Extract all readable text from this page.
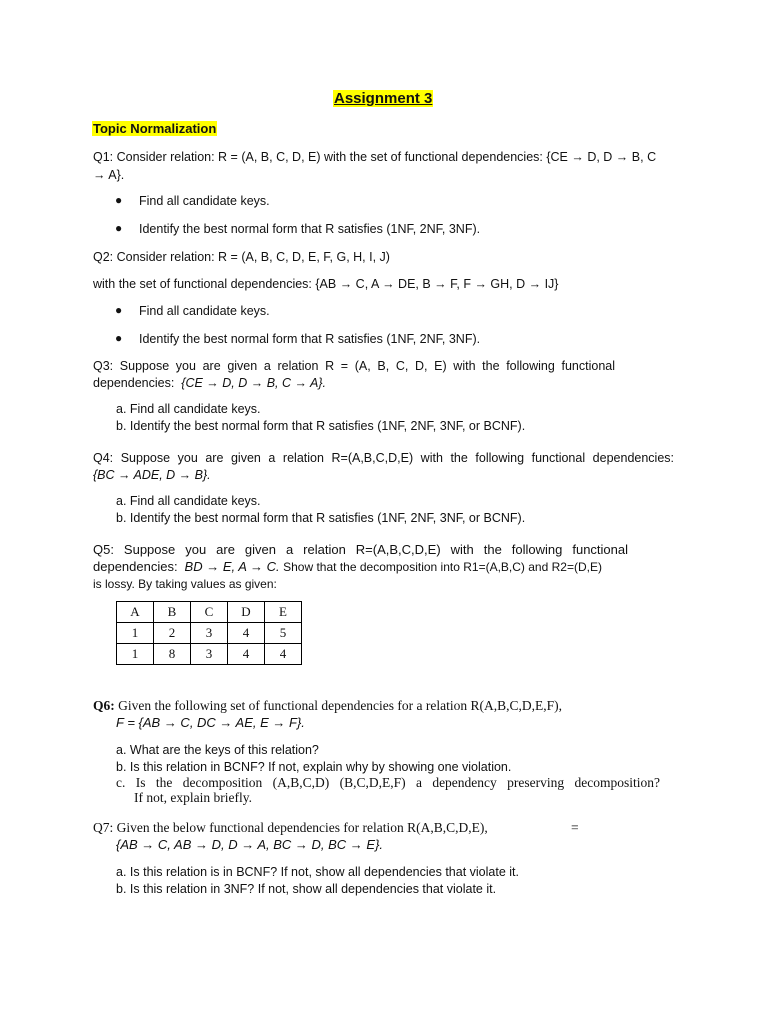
Assignment 3
Topic Normalization
Q1: Consider relation: R = (A, B, C, D, E) with the set of functional dependencies: {CE → D, D → B, C
→ A}.
● Find all candidate keys.
● Identify the best normal form that R satisfies (1NF, 2NF, 3NF).
Q2: Consider relation: R = (A, B, C, D, E, F, G, H, I, J)
with the set of functional dependencies: {AB → C, A → DE, B → F, F → GH, D → IJ}
● Find all candidate keys.
● Identify the best normal form that R satisfies (1NF, 2NF, 3NF).
Q3: Suppose you are given a relation R = (A, B, C, D, E) with the following functional
dependencies: {CE → D, D → B, C → A}.
a. Find all candidate keys.
b. Identify the best normal form that R satisfies (1NF, 2NF, 3NF, or BCNF).
Q4: Suppose you are given a relation R=(A,B,C,D,E) with the following functional dependencies:
{BC → ADE, D → B}.
a. Find all candidate keys.
b. Identify the best normal form that R satisfies (1NF, 2NF, 3NF, or BCNF).
Q5: Suppose you are given a relation R=(A,B,C,D,E) with the following functional
dependencies: BD → E, A → C. Show that the decomposition into R1=(A,B,C) and R2=(D,E)
is lossy. By taking values as given:
A	B	C	D	E
1	2	3	4	5
1	8	3	4	4
Q6: Given the following set of functional dependencies for a relation R(A,B,C,D,E,F),
F = {AB → C, DC → AE, E → F}.
a. What are the keys of this relation?
b. Is this relation in BCNF? If not, explain why by showing one violation.
c. Is the decomposition (A,B,C,D) (B,C,D,E,F) a dependency preserving decomposition?
If not, explain briefly.
Q7: Given the below functional dependencies for relation R(A,B,C,D,E),	=
{AB → C, AB → D, D → A, BC → D, BC → E}.
a. Is this relation is in BCNF? If not, show all dependencies that violate it.
b. Is this relation in 3NF? If not, show all dependencies that violate it.
